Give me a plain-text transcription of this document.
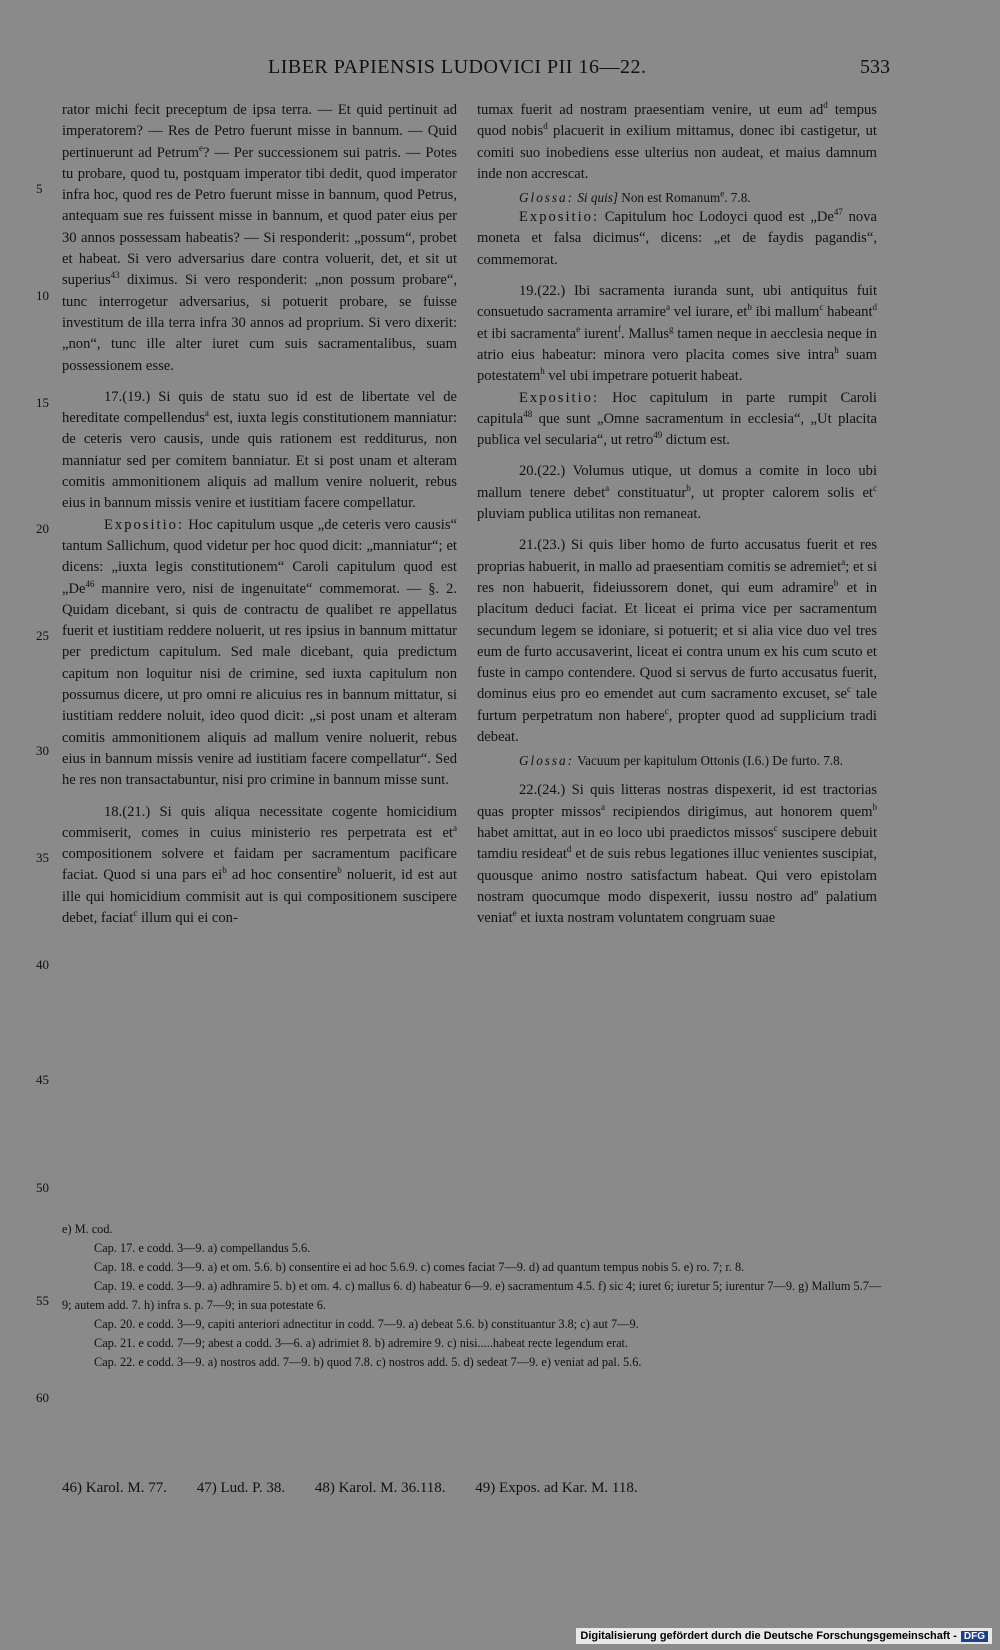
LIBER PAPIENSIS LUDOVICI PII 16—22.	533
5
10
15
20
25
30
35
40
45
50
55
60

rator michi fecit preceptum de ipsa terra. — Et quid pertinuit ad imperatorem? — Res de Petro fuerunt misse in bannum. — Quid pertinuerunt ad Petrum$^e$? — Per successionem sui patris. — Potes tu probare, quod tu, postquam imperator tibi dedit, quod imperator infra hoc, quod res de Petro fuerunt misse in bannum, quod Petrus, antequam sue res fuissent misse in bannum, et quod pater eius per 30 annos possessam habeatis? — Si responderit: „possum“, probet et habeat. Si vero adversarius dare contra voluerit, det, et sit ut superius$^{43}$ diximus. Si vero responderit: „non possum probare“, tunc interrogetur adversarius, si potuerit probare, se fuisse investitum de illa terra infra 30 annos ad proprium. Si vero dixerit: „non“, tunc ille alter iuret cum suis sacramentalibus, suam possessionem esse.

17.(19.) Si quis de statu suo id est de libertate vel de hereditate compellendus$^a$ est, iuxta legis constitutionem manniatur: de ceteris vero causis, unde quis rationem est redditurus, non manniatur sed per comitem banniatur. Et si post unam et alteram comitis ammonitionem aliquis ad mallum venire noluerit, rebus eius in bannum missis venire et iustitiam facere compellatur.

Expositio: Hoc capitulum usque „de ceteris vero causis“ tantum Sallichum, quod videtur per hoc quod dicit: „manniatur“; et dicens: „iuxta legis constitutionem“ Caroli capitulum quod est „De$^{46}$ mannire vero, nisi de ingenuitate“ commemorat. — §. 2. Quidam dicebant, si quis de contractu de qualibet re appellatus fuerit et iustitiam reddere noluerit, ut res ipsius in bannum mittatur per predictum capitulum. Sed male dicebant, quia predictum capitum non loquitur nisi de crimine, sed iuxta capitulum non possumus dicere, ut pro omni re alicuius res in bannum mittatur, si iustitiam reddere noluit, ideo quod dicit: „si post unam et alteram comitis ammonitionem aliquis ad mallum venire noluerit, rebus eius in bannum missis venire ad iustitiam facere compellatur“. Sed he res non transactabuntur, nisi pro crimine in bannum misse sunt.

18.(21.) Si quis aliqua necessitate cogente homicidium commiserit, comes in cuius ministerio res perpetrata est $et^a$ compositionem solvere et faidam per sacramentum pacificare faciat. Quod si una pars $ei^b$ ad hoc consentire$^b$ noluerit, id est aut ille qui homicidium commisit aut is qui compositionem suscipere debet, faciat$^c$ illum qui ei con-

tumax fuerit ad nostram praesentiam venire, ut eum $ad^d$ tempus quod nobis$^d$ placuerit in exilium mittamus, donec ibi castigetur, ut comiti suo inobediens esse ulterius non audeat, et maius damnum inde non accrescat.

Glossa: Si quis] Non est Romanum$^e$. 7.8.

Expositio: Capitulum hoc Lodoyci quod est „De$^{47}$ nova moneta et falsa dicimus“, dicens: „et de faydis pagandis“, commemorat.

19.(22.) Ibi sacramenta iuranda sunt, ubi antiquitus fuit consuetudo sacramenta arramire$^a$ vel iurare, $et^b$ ibi mallum$^c$ habeant$^d$ et ibi sacramenta$^e$ iurent$^f$. Mallus$^g$ tamen neque in aecclesia neque in atrio eius habeatur: minora vero placita comes sive intra$^h$ suam potestatem$^h$ vel ubi impetrare potuerit habeat.

Expositio: Hoc capitulum in parte rumpit Caroli capitula$^{48}$ que sunt „Omne sacramentum in ecclesia“, „Ut placita publica vel secularia“, ut retro$^{49}$ dictum est.

20.(22.) Volumus utique, ut domus a comite in loco ubi mallum tenere debet$^a$ constituatur$^b$, ut propter calorem solis $et^c$ pluviam publica utilitas non remaneat.

21.(23.) Si quis liber homo de furto accusatus fuerit et res proprias habuerit, in mallo ad praesentiam comitis se adremiet$^a$; et si res non habuerit, fideiussorem donet, qui eum adramire$^b$ et in placitum deduci faciat. Et liceat ei prima vice per sacramentum secundum legem se idoniare, si potuerit; et si alia vice duo vel tres eum de furto accusaverint, liceat ei contra unum ex his cum scuto et fuste in campo contendere. Quod si servus de furto accusatus fuerit, dominus eius pro eo emendet aut cum sacramento excuset, $se^c$ tale furtum perpetratum non habere$^c$, propter quod ad supplicium tradi debeat.

Glossa: Vacuum per kapitulum Ottonis (I.6.) De furto. 7.8.

22.(24.) Si quis litteras nostras dispexerit, id est tractorias quas propter missos$^a$ recipiendos dirigimus, aut honorem quem$^b$ habet amittat, aut in eo loco ubi praedictos missos$^c$ suscipere debuit tamdiu resideat$^d$ et de suis rebus legationes illuc venientes suscipiat, quousque animo nostro satisfactum habeat. Qui vero epistolam nostram quocumque modo dispexerit, iussu nostro $ad^e$ palatium veniat$^e$ et iuxta nostram voluntatem congruam suae

e) M. cod.

Cap. 17. e codd. 3—9. a) compellandus 5.6.

Cap. 18. e codd. 3—9. a) et om. 5.6. b) consentire ei ad hoc 5.6.9. c) comes faciat 7—9. d) ad quantum tempus nobis 5. e) ro. 7; r. 8.

Cap. 19. e codd. 3—9. a) adhramire 5. b) et om. 4. c) mallus 6. d) habeatur 6—9. e) sacramentum 4.5. f) sic 4; iuret 6; iuretur 5; iurentur 7—9. g) Mallum 5.7—9; autem add. 7. h) infra s. p. 7—9; in sua potestate 6.

Cap. 20. e codd. 3—9, capiti anteriori adnectitur in codd. 7—9. a) debeat 5.6. b) constituantur 3.8; c) aut 7—9.

Cap. 21. e codd. 7—9; abest a codd. 3—6. a) adrimiet 8. b) adremire 9. c) nisi.....habeat recte legendum erat.

Cap. 22. e codd. 3—9. a) nostros add. 7—9. b) quod 7.8. c) nostros add. 5. d) sedeat 7—9. e) veniat ad pal. 5.6.

46) Karol. M. 77. 47) Lud. P. 38. 48) Karol. M. 36.118. 49) Expos. ad Kar. M. 118.
Digitalisierung gefördert durch die Deutsche Forschungsgemeinschaft - DFG
